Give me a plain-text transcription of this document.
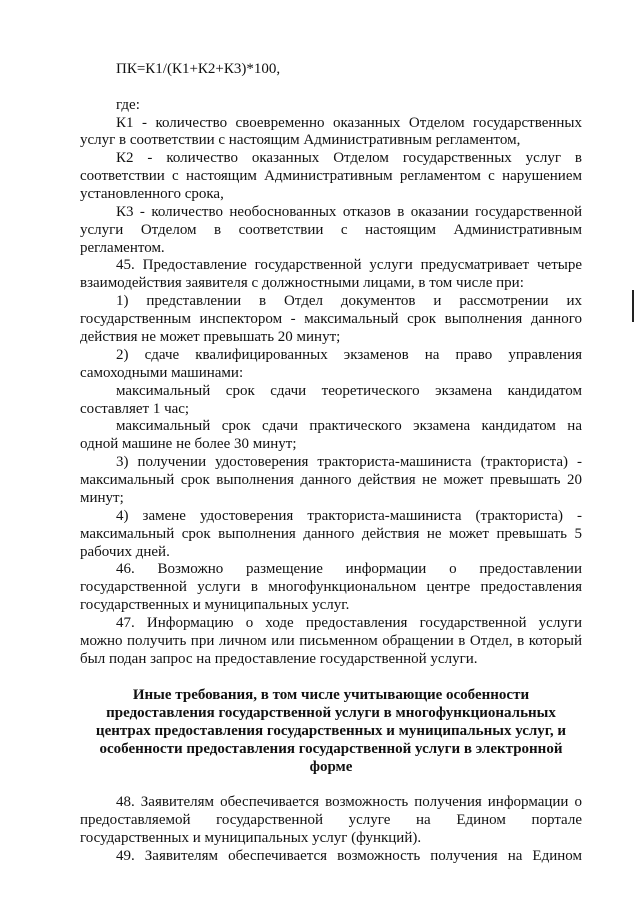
ПК=К1/(К1+К2+К3)*100,
где:
К1 - количество своевременно оказанных Отделом государственных
услуг в соответствии с настоящим Административным регламентом,
К2 - количество оказанных Отделом государственных услуг в
соответствии с настоящим Административным регламентом с нарушением
установленного срока,
К3 - количество необоснованных отказов в оказании государственной
услуги Отделом в соответствии с настоящим Административным
регламентом.
45. Предоставление государственной услуги предусматривает четыре
взаимодействия заявителя с должностными лицами, в том числе при:
1) представлении в Отдел документов и рассмотрении их
государственным инспектором - максимальный срок выполнения данного
действия не может превышать 20 минут;
2) сдаче квалифицированных экзаменов на право управления
самоходными машинами:
максимальный срок сдачи теоретического экзамена кандидатом
составляет 1 час;
максимальный срок сдачи практического экзамена кандидатом на
одной машине не более 30 минут;
3) получении удостоверения тракториста-машиниста (тракториста) -
максимальный срок выполнения данного действия не может превышать 20
минут;
4) замене удостоверения тракториста-машиниста (тракториста) -
максимальный срок выполнения данного действия не может превышать 5
рабочих дней.
46. Возможно размещение информации о предоставлении
государственной услуги в многофункциональном центре предоставления
государственных и муниципальных услуг.
47. Информацию о ходе предоставления государственной услуги
можно получить при личном или письменном обращении в Отдел, в который
был подан запрос на предоставление государственной услуги.
Иные требования, в том числе учитывающие особенности
предоставления государственной услуги в многофункциональных
центрах предоставления государственных и муниципальных услуг, и
особенности предоставления государственной услуги в электронной
форме
48. Заявителям обеспечивается возможность получения информации о
предоставляемой государственной услуге на Едином портале
государственных и муниципальных услуг (функций).
49. Заявителям обеспечивается возможность получения на Едином
